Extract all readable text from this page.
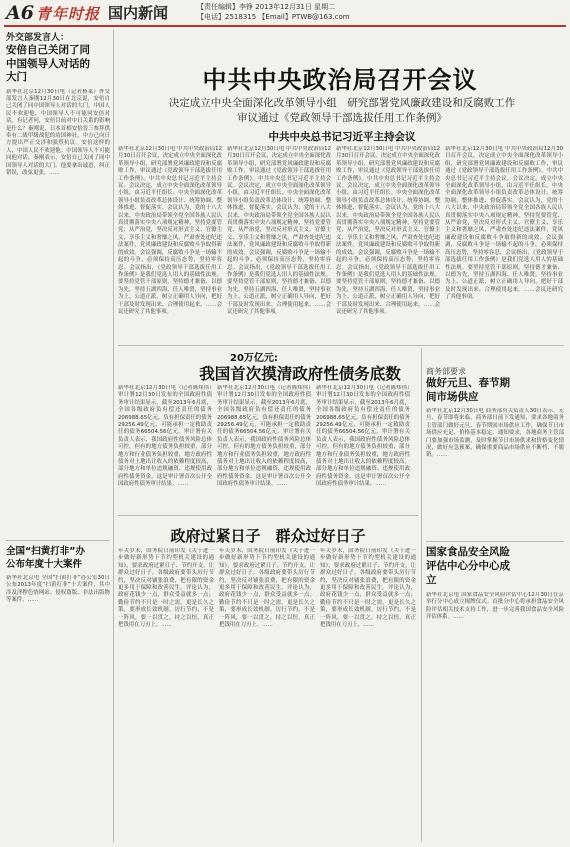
A6 青年时报 国内新闻	【责任编辑】李铮 2013年12月31日 星期二
【电话】2518315 【Email】PTWB@163.com
外交部发言人：
安倍自己关闭了同
中国领导人对话的
大门
新华社北京12月30日电（记者杨莱）外交部发言人秦刚12月30日在北京说，安倍自己关闭了同中国领导人对话的大门，中国人民不欢迎他，中国领导人不可能同安倍对话。有记者问，安倍目前对中日关系的影响是什么？秦刚说，日本首相安倍晋三参拜供奉有二战甲级战犯的靖国神社，中方已向日方提出严正交涉和强烈抗议。安倍这样的人，中国人民不欢迎他。中国领导人不可能同他对话。秦刚表示，安倍自己关闭了同中国领导人对话的大门。他要拿出诚意，纠正错误，改弦更张。……
全国“扫黄打非”办
公布年度十大案件
新华社北京电 全国“扫黄打非”办公室30日公布2013年度“扫黄打非”十大案件，其中涉及淫秽色情网站、侵权盗版、非法出版物等案件。……
中共中央政治局召开会议
决定成立中央全面深化改革领导小组　研究部署党风廉政建设和反腐败工作
审议通过《党政领导干部选拔任用工作条例》
中共中央总书记习近平主持会议
新华社北京12月30日电 中共中央政治局12月30日召开会议，决定成立中央全面深化改革领导小组，研究部署党风廉政建设和反腐败工作，审议通过《党政领导干部选拔任用工作条例》。中共中央总书记习近平主持会议。会议决定，成立中央全面深化改革领导小组，由习近平任组长。中央全面深化改革领导小组负责改革总体设计、统筹协调、整体推进、督促落实。会议认为，党的十八大以来，中央政治局带领全党全国各族人民认真贯彻落实中央八项规定精神，坚持党要管党、从严治党，坚决反对形式主义、官僚主义、享乐主义和奢靡之风，严肃查处违纪违法案件，党风廉政建设和反腐败斗争取得新的成效。会议强调，反腐败斗争是一场输不起的斗争，必须保持高压态势，坚持零容忍。会议指出，《党政领导干部选拔任用工作条例》是我们党选人用人的基础性法规。要坚持党管干部原则，坚持德才兼备、以德为先，坚持五湖四海、任人唯贤，坚持事业为上、公道正派，树立正确用人导向，把好干部及时发现出来、合理使用起来。……会议还研究了其他事项。
新华社北京12月30日电 中共中央政治局12月30日召开会议，决定成立中央全面深化改革领导小组，研究部署党风廉政建设和反腐败工作，审议通过《党政领导干部选拔任用工作条例》。中共中央总书记习近平主持会议。会议决定，成立中央全面深化改革领导小组，由习近平任组长。中央全面深化改革领导小组负责改革总体设计、统筹协调、整体推进、督促落实。会议认为，党的十八大以来，中央政治局带领全党全国各族人民认真贯彻落实中央八项规定精神，坚持党要管党、从严治党，坚决反对形式主义、官僚主义、享乐主义和奢靡之风，严肃查处违纪违法案件，党风廉政建设和反腐败斗争取得新的成效。会议强调，反腐败斗争是一场输不起的斗争，必须保持高压态势，坚持零容忍。会议指出，《党政领导干部选拔任用工作条例》是我们党选人用人的基础性法规。要坚持党管干部原则，坚持德才兼备、以德为先，坚持五湖四海、任人唯贤，坚持事业为上、公道正派，树立正确用人导向，把好干部及时发现出来、合理使用起来。……会议还研究了其他事项。
新华社北京12月30日电 中共中央政治局12月30日召开会议，决定成立中央全面深化改革领导小组，研究部署党风廉政建设和反腐败工作，审议通过《党政领导干部选拔任用工作条例》。中共中央总书记习近平主持会议。会议决定，成立中央全面深化改革领导小组，由习近平任组长。中央全面深化改革领导小组负责改革总体设计、统筹协调、整体推进、督促落实。会议认为，党的十八大以来，中央政治局带领全党全国各族人民认真贯彻落实中央八项规定精神，坚持党要管党、从严治党，坚决反对形式主义、官僚主义、享乐主义和奢靡之风，严肃查处违纪违法案件，党风廉政建设和反腐败斗争取得新的成效。会议强调，反腐败斗争是一场输不起的斗争，必须保持高压态势，坚持零容忍。会议指出，《党政领导干部选拔任用工作条例》是我们党选人用人的基础性法规。要坚持党管干部原则，坚持德才兼备、以德为先，坚持五湖四海、任人唯贤，坚持事业为上、公道正派，树立正确用人导向，把好干部及时发现出来、合理使用起来。……会议还研究了其他事项。
新华社北京12月30日电 中共中央政治局12月30日召开会议，决定成立中央全面深化改革领导小组，研究部署党风廉政建设和反腐败工作，审议通过《党政领导干部选拔任用工作条例》。中共中央总书记习近平主持会议。会议决定，成立中央全面深化改革领导小组，由习近平任组长。中央全面深化改革领导小组负责改革总体设计、统筹协调、整体推进、督促落实。会议认为，党的十八大以来，中央政治局带领全党全国各族人民认真贯彻落实中央八项规定精神，坚持党要管党、从严治党，坚决反对形式主义、官僚主义、享乐主义和奢靡之风，严肃查处违纪违法案件，党风廉政建设和反腐败斗争取得新的成效。会议强调，反腐败斗争是一场输不起的斗争，必须保持高压态势，坚持零容忍。会议指出，《党政领导干部选拔任用工作条例》是我们党选人用人的基础性法规。要坚持党管干部原则，坚持德才兼备、以德为先，坚持五湖四海、任人唯贤，坚持事业为上、公道正派，树立正确用人导向，把好干部及时发现出来、合理使用起来。……会议还研究了其他事项。
20万亿元:
我国首次摸清政府性债务底数
新华社北京12月30日电（记者陈炜伟）审计署12月30日发布的全国政府性债务审计结果显示，截至2013年6月底，全国各级政府负有偿还责任的债务206988.65亿元，负有担保责任的债务29256.49亿元，可能承担一定救助责任的债务66504.56亿元。审计署有关负责人表示，我国政府性债务风险总体可控，但有的地方债务负担较重，部分地方和行业债务负担较重，地方政府性债务对土地出让收入的依赖程度较高，部分地方和单位违规融资、违规使用政府性债务资金。这是审计署首次公开全国政府性债务审计结果。……
新华社北京12月30日电（记者陈炜伟）审计署12月30日发布的全国政府性债务审计结果显示，截至2013年6月底，全国各级政府负有偿还责任的债务206988.65亿元，负有担保责任的债务29256.49亿元，可能承担一定救助责任的债务66504.56亿元。审计署有关负责人表示，我国政府性债务风险总体可控，但有的地方债务负担较重，部分地方和行业债务负担较重，地方政府性债务对土地出让收入的依赖程度较高，部分地方和单位违规融资、违规使用政府性债务资金。这是审计署首次公开全国政府性债务审计结果。……
新华社北京12月30日电（记者陈炜伟）审计署12月30日发布的全国政府性债务审计结果显示，截至2013年6月底，全国各级政府负有偿还责任的债务206988.65亿元，负有担保责任的债务29256.49亿元，可能承担一定救助责任的债务66504.56亿元。审计署有关负责人表示，我国政府性债务风险总体可控，但有的地方债务负担较重，部分地方和行业债务负担较重，地方政府性债务对土地出让收入的依赖程度较高，部分地方和单位违规融资、违规使用政府性债务资金。这是审计署首次公开全国政府性债务审计结果。……
政府过紧日子　群众过好日子
年关岁末，国务院日前印发《关于进一步做好新形势下节约型机关建设的通知》，要求政府过紧日子、节约开支，让群众过好日子。各级政府要带头厉行节约，坚决反对铺张浪费，把有限的资金更多用于保障和改善民生。评论认为，政府花钱少一点，群众受益就多一点；勤俭节约不只是一时之需，更是长久之策，要形成长效机制。厉行节约，不是一阵风，要一以贯之，持之以恒，真正把钱用在刀刃上。……
年关岁末，国务院日前印发《关于进一步做好新形势下节约型机关建设的通知》，要求政府过紧日子、节约开支，让群众过好日子。各级政府要带头厉行节约，坚决反对铺张浪费，把有限的资金更多用于保障和改善民生。评论认为，政府花钱少一点，群众受益就多一点；勤俭节约不只是一时之需，更是长久之策，要形成长效机制。厉行节约，不是一阵风，要一以贯之，持之以恒，真正把钱用在刀刃上。……
年关岁末，国务院日前印发《关于进一步做好新形势下节约型机关建设的通知》，要求政府过紧日子、节约开支，让群众过好日子。各级政府要带头厉行节约，坚决反对铺张浪费，把有限的资金更多用于保障和改善民生。评论认为，政府花钱少一点，群众受益就多一点；勤俭节约不只是一时之需，更是长久之策，要形成长效机制。厉行节约，不是一阵风，要一以贯之，持之以恒，真正把钱用在刀刃上。……
商务部要求
做好元旦、春节期
间市场供应
新华社北京12月30日电 商务部有关负责人30日表示，元旦、春节即将来临，商务部日前下发通知，要求各地商务主管部门做好元旦、春节期间市场供应工作，确保节日市场供应充足、价格基本稳定。通知要求，各地商务主管部门要加强市场监测，及时掌握节日市场供求和价格变化情况，做好应急预案，确保重要商品市场供应不断档、不脱销。……
国家食品安全风险
评估中心分中心成
立
新华社北京电 国家食品安全风险评估中心12月30日在京举行分中心成立揭牌仪式。首批分中心将承担食品安全风险评估相关技术支持工作，进一步完善我国食品安全风险评估体系。……
